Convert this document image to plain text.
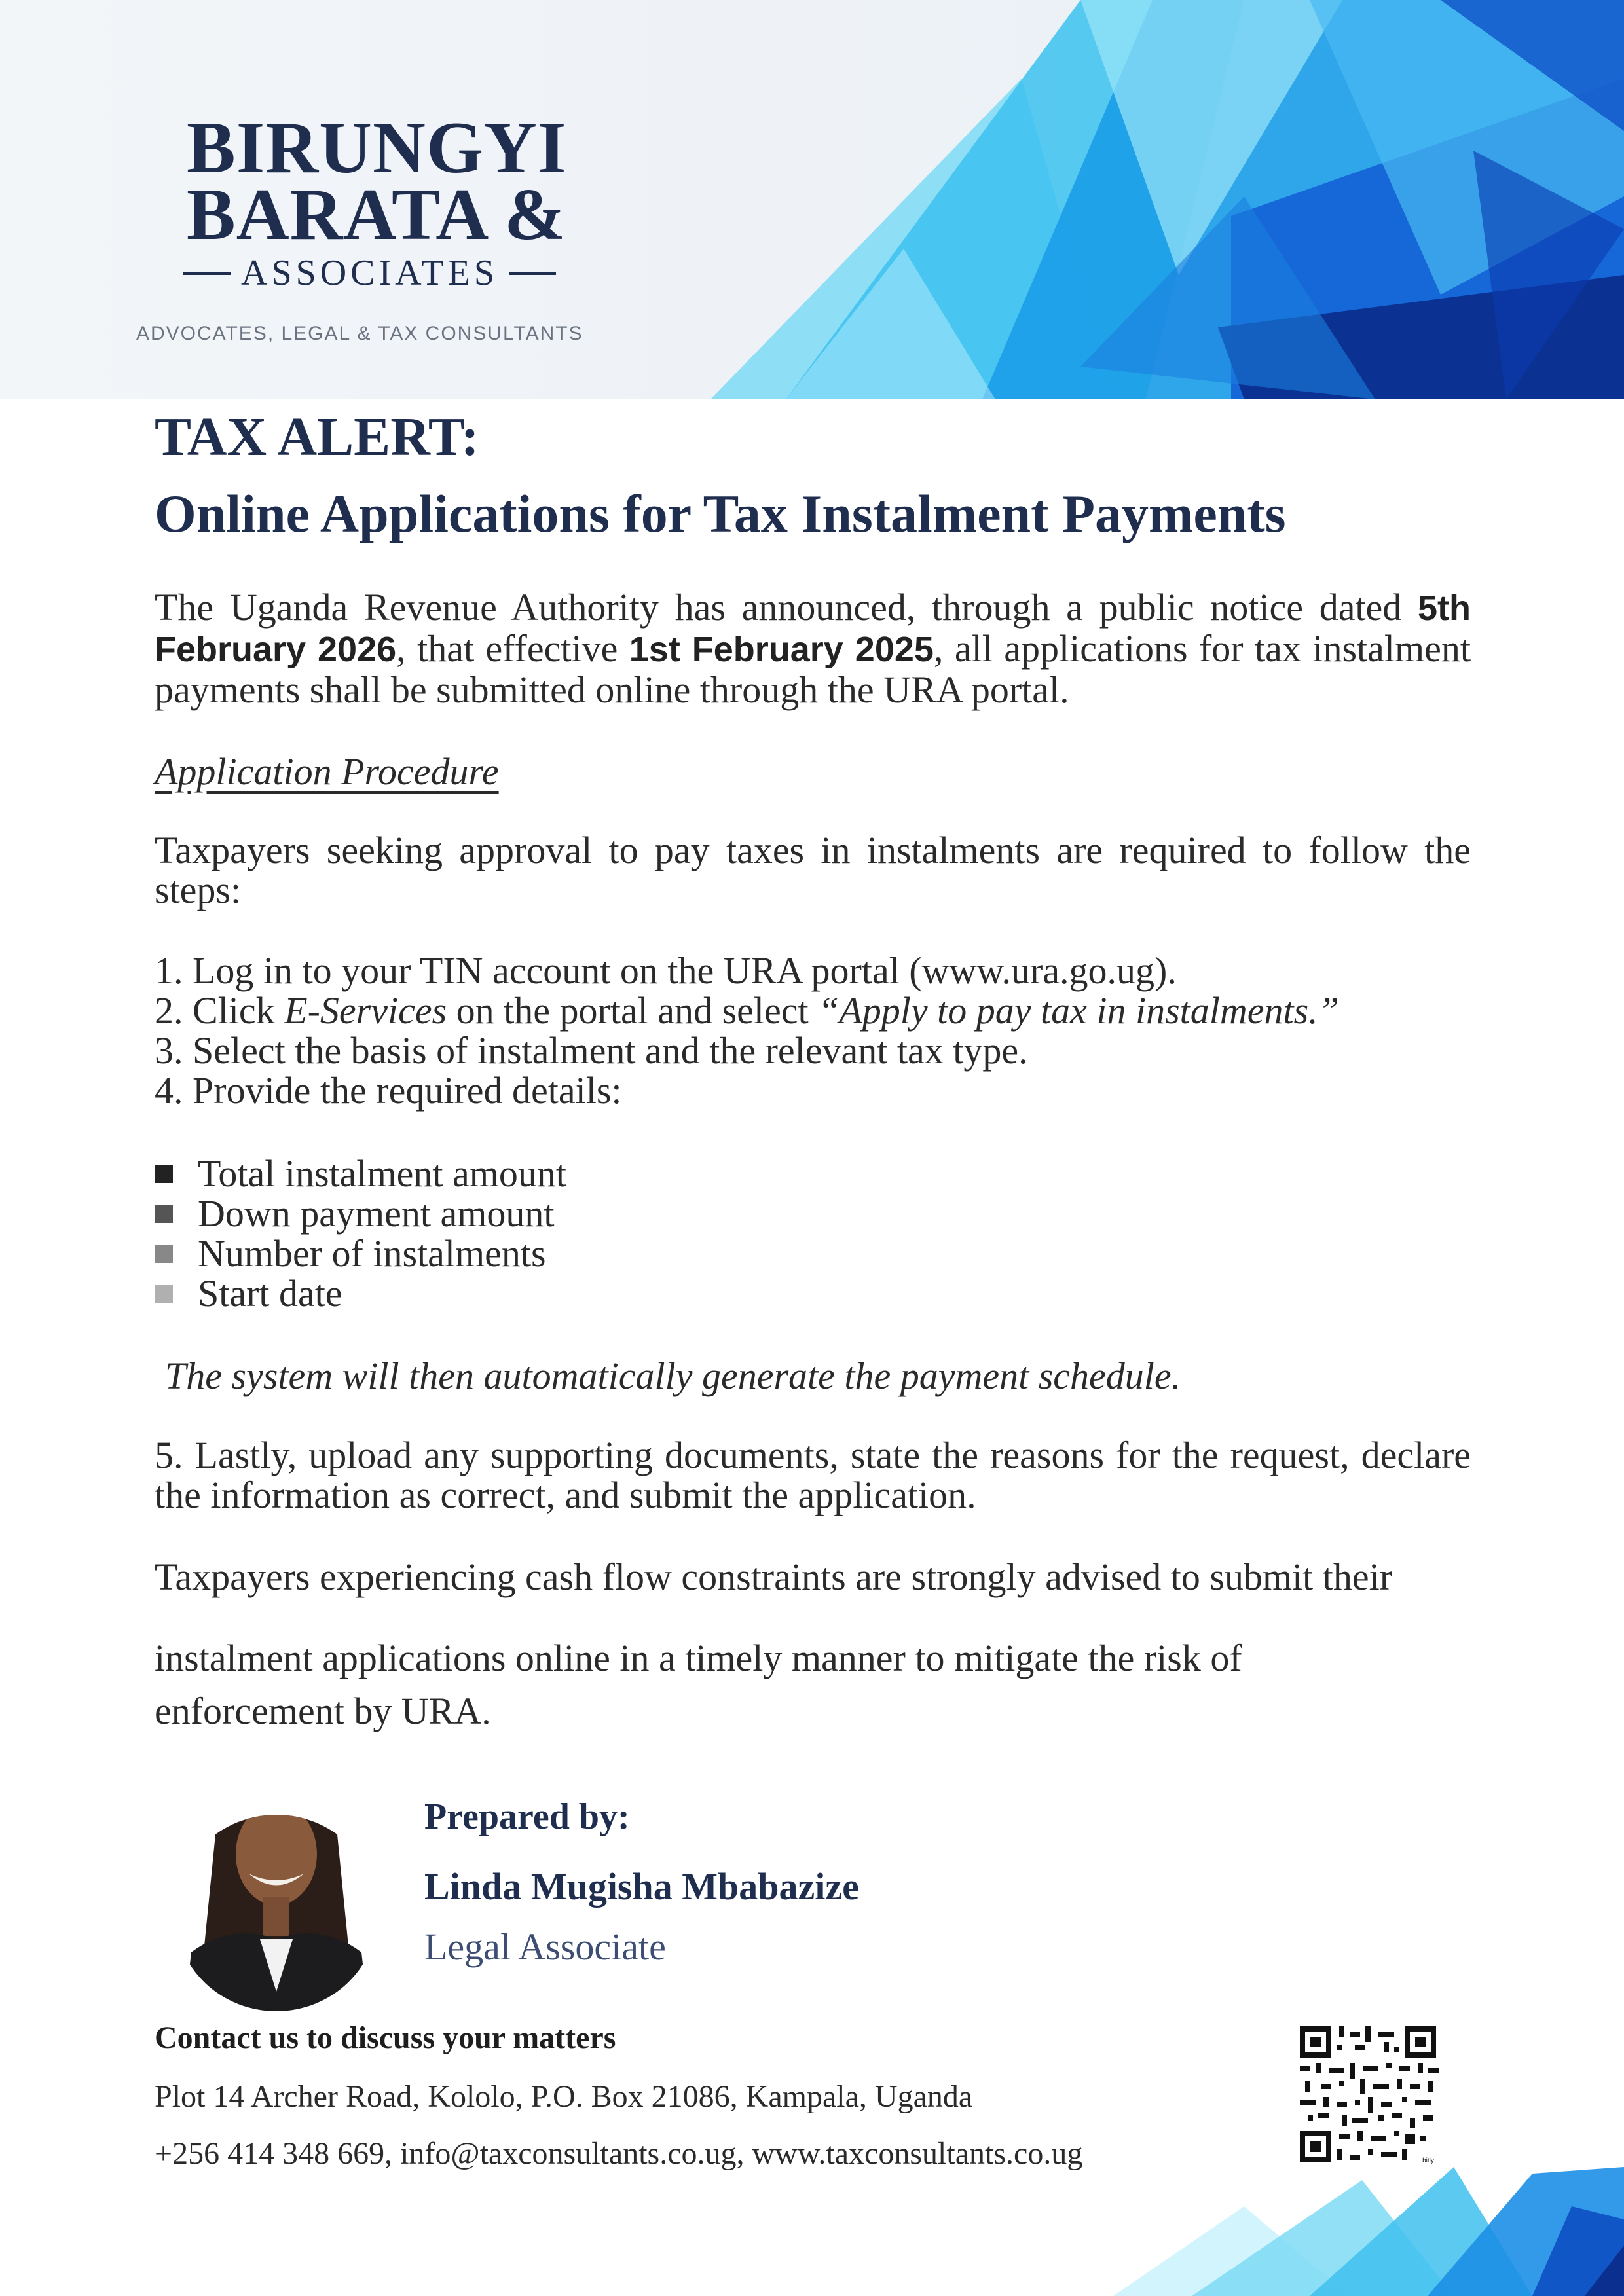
BIRUNGYI
BARATA &
ASSOCIATES
ADVOCATES, LEGAL & TAX CONSULTANTS
TAX ALERT:
Online Applications for Tax Instalment Payments
The Uganda Revenue Authority has announced, through a public notice dated 5th February 2026, that effective 1st February 2025, all applications for tax instalment payments shall be submitted online through the URA portal.
Application Procedure
Taxpayers seeking approval to pay taxes in instalments are required to follow the steps:
1. Log in to your TIN account on the URA portal (www.ura.go.ug).
2. Click E-Services on the portal and select “Apply to pay tax in instalments.”
3. Select the basis of instalment and the relevant tax type.
4. Provide the required details:
Total instalment amount
Down payment amount
Number of instalments
Start date
The system will then automatically generate the payment schedule.
5. Lastly, upload any supporting documents, state the reasons for the request, declare the information as correct, and submit the application.
Taxpayers experiencing cash flow constraints are strongly advised to submit their
instalment applications online in a timely manner to mitigate the risk of
enforcement by URA.
Prepared by:
Linda Mugisha Mbabazize
Legal Associate
Contact us to discuss your matters
Plot 14 Archer Road, Kololo, P.O. Box 21086, Kampala, Uganda
+256 414 348 669, info@taxconsultants.co.ug, www.taxconsultants.co.ug	bitly
